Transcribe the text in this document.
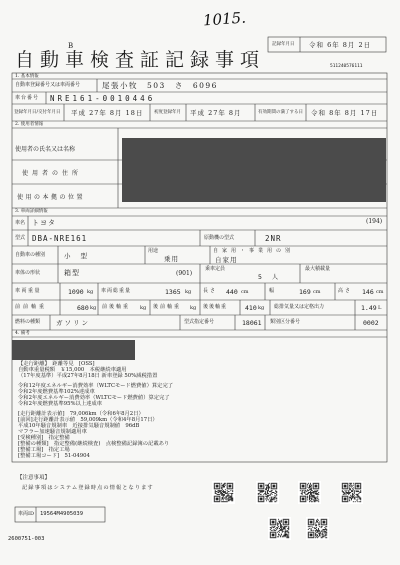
1015.
記録年月日 令和 6年 8月 2日
B
自動車検査証記録事項	511240576111
1. 基本情報
自動車登録番号又は車両番号	尾張小牧　503　さ　6096
車台番号 NRE161-0010446
登録年月日/交付年月日 平成 27年 8月 18日 初度登録年月 平成 27年 8月	有効期間の満了する日 令和 8年 8月 17日
2. 使用者情報
使用者の氏名又は名称
使用者の住所
使用の本拠の位置
3. 車両詳細情報
車名 トヨタ	(194)
型式 DBA-NRE161	原動機の型式	2NR
自動車の種別	小型
用途
乗用
自家用・事業用の別
自家用
車体の形状	箱型	(901)
乗車定員
5 人
最大積載量
車両重量	1090 kg 車両総重量	1365 kg 長さ 440 cm	幅	169 cm	高さ 146 cm
前前軸重	680 kg 前後軸重 kg 後前軸重 kg 後後軸重	410 kg 総排気量又は定格出力	1.49 L
燃料の種類 ガソリン	型式指定番号	18061 類別区分番号	0002
4. 備考
【走行距離】　距離等見　[OSS]
自動車重量税額　￥15,000　本税継続車適用
（17年度基準）平成27年8月18日 新車登録 50%減税措置
令和12年度エネルギー消費効率（WLTCモード燃費値）算定完了
令和2年度燃費基準102%達成車
令和2年度エネルギー消費効率（WLTCモード燃費値）算定完了
令和2年度燃費基準95%以上達成車
[走行距離計表示値]　79,006km（令和6年8月2日）
[前回]走行距離計表示値　59,009km（令和4年8月17日）
平成10年騒音規制車　近接排気騒音規制値　96dB
マフラー加速騒音規制適用車
[受検種別]　指定整備
[整備の種類]　指定整備(継続検査)　点検整備記録簿の記載あり
[整備工場]　指定工場
[整備工場コード]　51-04904
【注意事項】
記録事項はシステム登録時点の情報となります
車両ID 19564M4905039
2600751-003
